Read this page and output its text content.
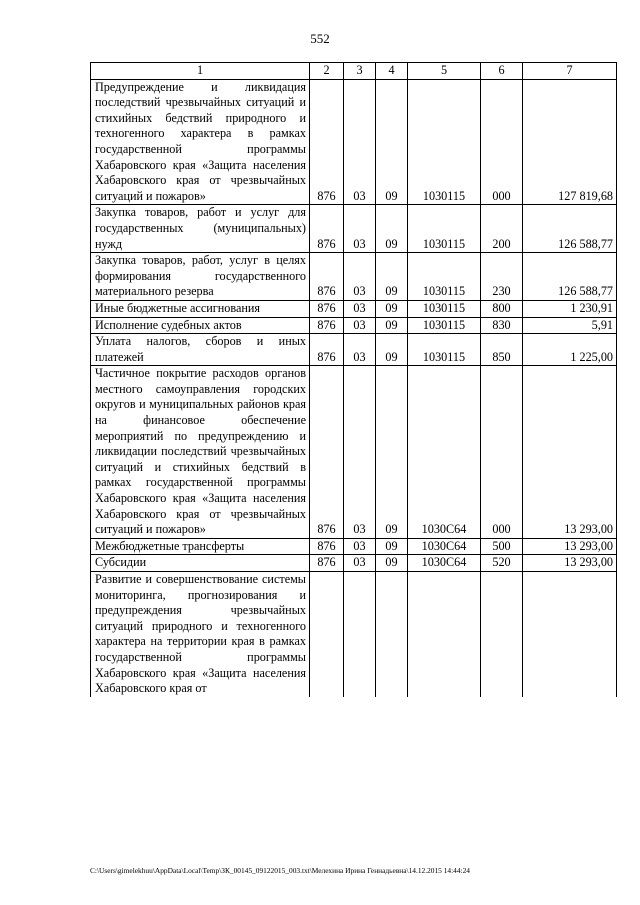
552
1	2	3	4	5	6	7
Предупреждение и ликвидация последствий чрезвычайных ситуаций и стихийных бедствий природного и техногенного характера в рамках государственной программы Хабаровского края «Защита населения Хабаровского края от чрезвычайных ситуаций и пожаров»	876	03	09	1030115	000	127 819,68
Закупка товаров, работ и услуг для государственных (муниципальных) нужд	876	03	09	1030115	200	126 588,77
Закупка товаров, работ, услуг в целях формирования государственного материального резерва	876	03	09	1030115	230	126 588,77
Иные бюджетные ассигнования	876	03	09	1030115	800	1 230,91
Исполнение судебных актов	876	03	09	1030115	830	5,91
Уплата налогов, сборов и иных платежей	876	03	09	1030115	850	1 225,00
Частичное покрытие расходов органов местного самоуправления городских округов и муниципальных районов края на финансовое обеспечение мероприятий по предупреждению и ликвидации последствий чрезвычайных ситуаций и стихийных бедствий в рамках государственной программы Хабаровского края «Защита населения Хабаровского края от чрезвычайных ситуаций и пожаров»	876	03	09	1030С64	000	13 293,00
Межбюджетные трансферты	876	03	09	1030С64	500	13 293,00
Субсидии	876	03	09	1030С64	520	13 293,00
Развитие и совершенствование системы мониторинга, прогнозирования и предупреждения чрезвычайных ситуаций природного и техногенного характера на территории края в рамках государственной программы Хабаровского края «Защита населения Хабаровского края от						
C:\Users\gimelekhuu\AppData\Local\Temp\ЗК_00145_09122015_003.txt\Мелехина Ирина Геннадьевна\14.12.2015 14:44:24
